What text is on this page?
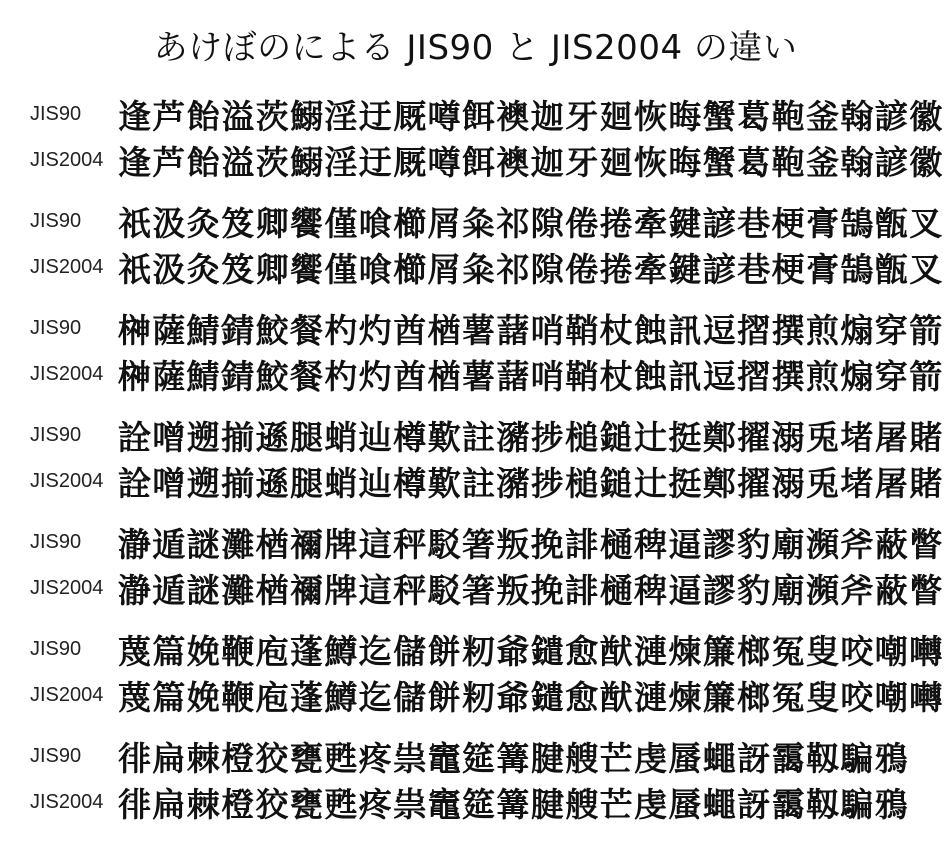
あけぼのによる JIS90 と JIS2004 の違い
JIS90 逢芦飴溢茨鰯淫迂厩噂餌襖迦牙廻恢晦蟹葛鞄釜翰諺徽
JIS2004 逢芦飴溢茨鰯淫迂厩噂餌襖迦牙廻恢晦蟹葛鞄釜翰諺徽
JIS90 祇汲灸笈卿饗僅喰櫛屑粂祁隙倦捲牽鍵諺巷梗膏鵠甑叉
JIS2004 祇汲灸笈卿饗僅喰櫛屑粂祁隙倦捲牽鍵諺巷梗膏鵠甑叉
JIS90 榊薩鯖錆鮫餐杓灼酋楢薯藷哨鞘杖蝕訊逗摺撰煎煽穿箭
JIS2004 榊薩鯖錆鮫餐杓灼酋楢薯藷哨鞘杖蝕訊逗摺撰煎煽穿箭
JIS90 詮噌遡揃遜腿蛸辿樽歎註瀦捗槌鎚辻挺鄭擢溺兎堵屠賭
JIS2004 詮噌遡揃遜腿蛸辿樽歎註瀦捗槌鎚辻挺鄭擢溺兎堵屠賭
JIS90 瀞遁謎灘楢禰牌這秤駁箸叛挽誹樋稗逼謬豹廟瀕斧蔽瞥
JIS2004 瀞遁謎灘楢禰牌這秤駁箸叛挽誹樋稗逼謬豹廟瀕斧蔽瞥
JIS90 蔑篇娩鞭庖蓬鱒迄儲餅籾爺鑓愈猷漣煉簾榔冤叟咬嘲囀
JIS2004 蔑篇娩鞭庖蓬鱒迄儲餅籾爺鑓愈猷漣煉簾榔冤叟咬嘲囀
JIS90 徘扁棘橙狡甕甦疼祟竈筵篝腱艘芒虔蜃蠅訝靄靱騙鴉
JIS2004 徘扁棘橙狡甕甦疼祟竈筵篝腱艘芒虔蜃蠅訝靄靱騙鴉
